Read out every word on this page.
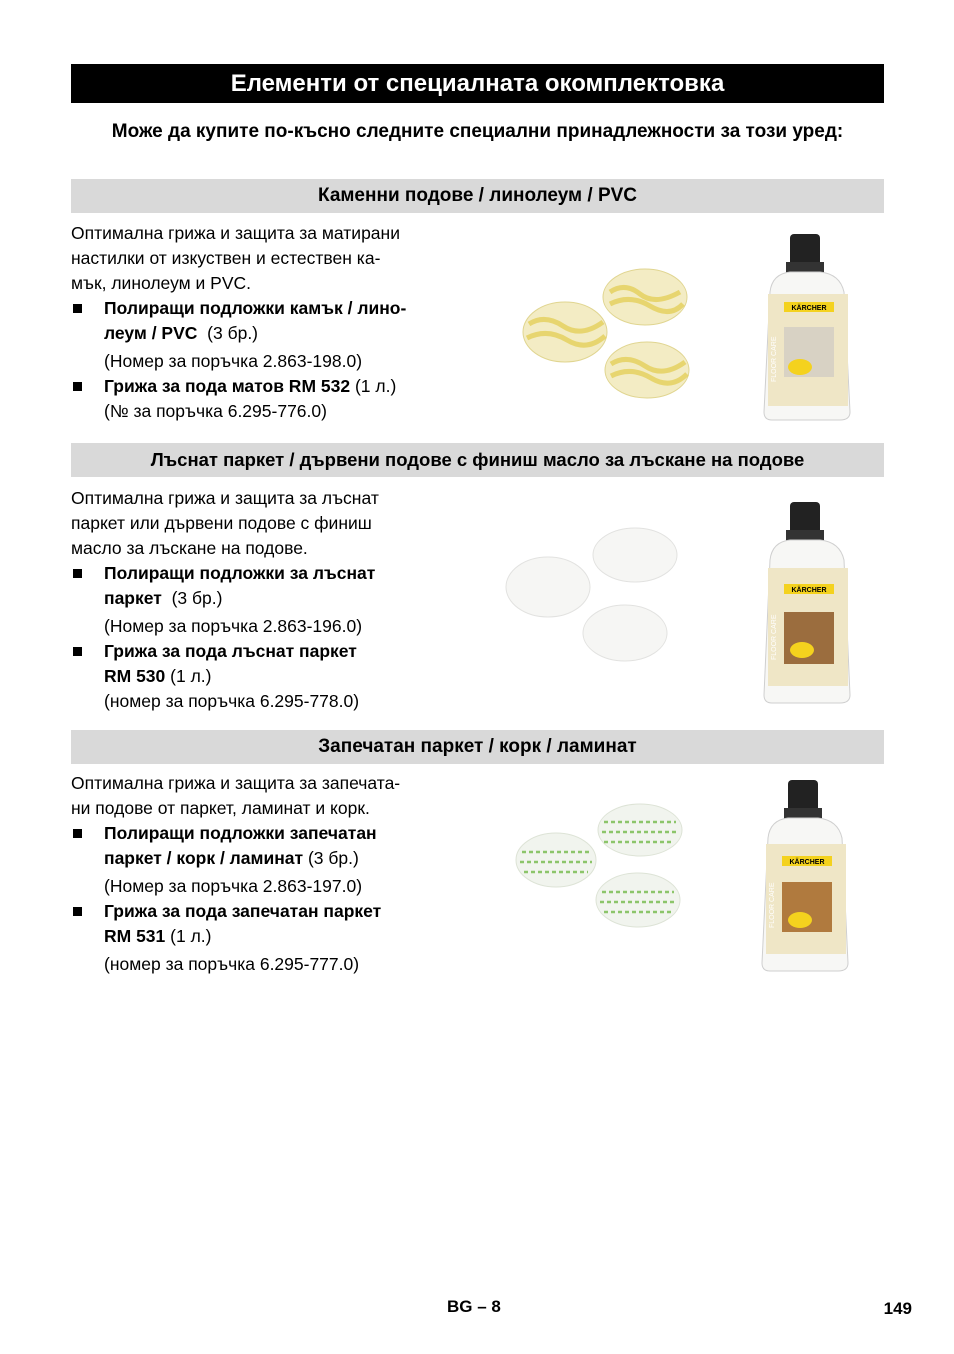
Елементи от специалната окомплектовка
Може да купите по-късно следните специални принадлежности за този уред:
Каменни подове / линолеум / PVC
Оптимална грижа и защита за матирани
настилки от изкуствен и естествен ка-
мък, линолеум и PVC.
Полиращи подложки камък / лино-
леум / PVC (3 бр.)
(Номер за поръчка 2.863-198.0)
Грижа за пода матов RM 532 (1 л.)
(№ за поръчка 6.295-776.0)
KÄRCHER
FLOOR CARE
Лъснат паркет / дървени подове с финиш масло за лъскане на подове
Оптимална грижа и защита за лъснат
паркет или дървени подове с финиш
масло за лъскане на подове.
Полиращи подложки за лъснат
паркет (3 бр.)
(Номер за поръчка 2.863-196.0)
Грижа за пода лъснат паркет
RM 530 (1 л.)
(номер за поръчка 6.295-778.0)
KÄRCHER
FLOOR CARE
Запечатан паркет / корк / ламинат
Оптимална грижа и защита за запечата-
ни подове от паркет, ламинат и корк.
Полиращи подложки запечатан
паркет / корк / ламинат (3 бр.)
(Номер за поръчка 2.863-197.0)
Грижа за пода запечатан паркет
RM 531 (1 л.)
(номер за поръчка 6.295-777.0)
KÄRCHER
FLOOR CARE
BG – 8	149
